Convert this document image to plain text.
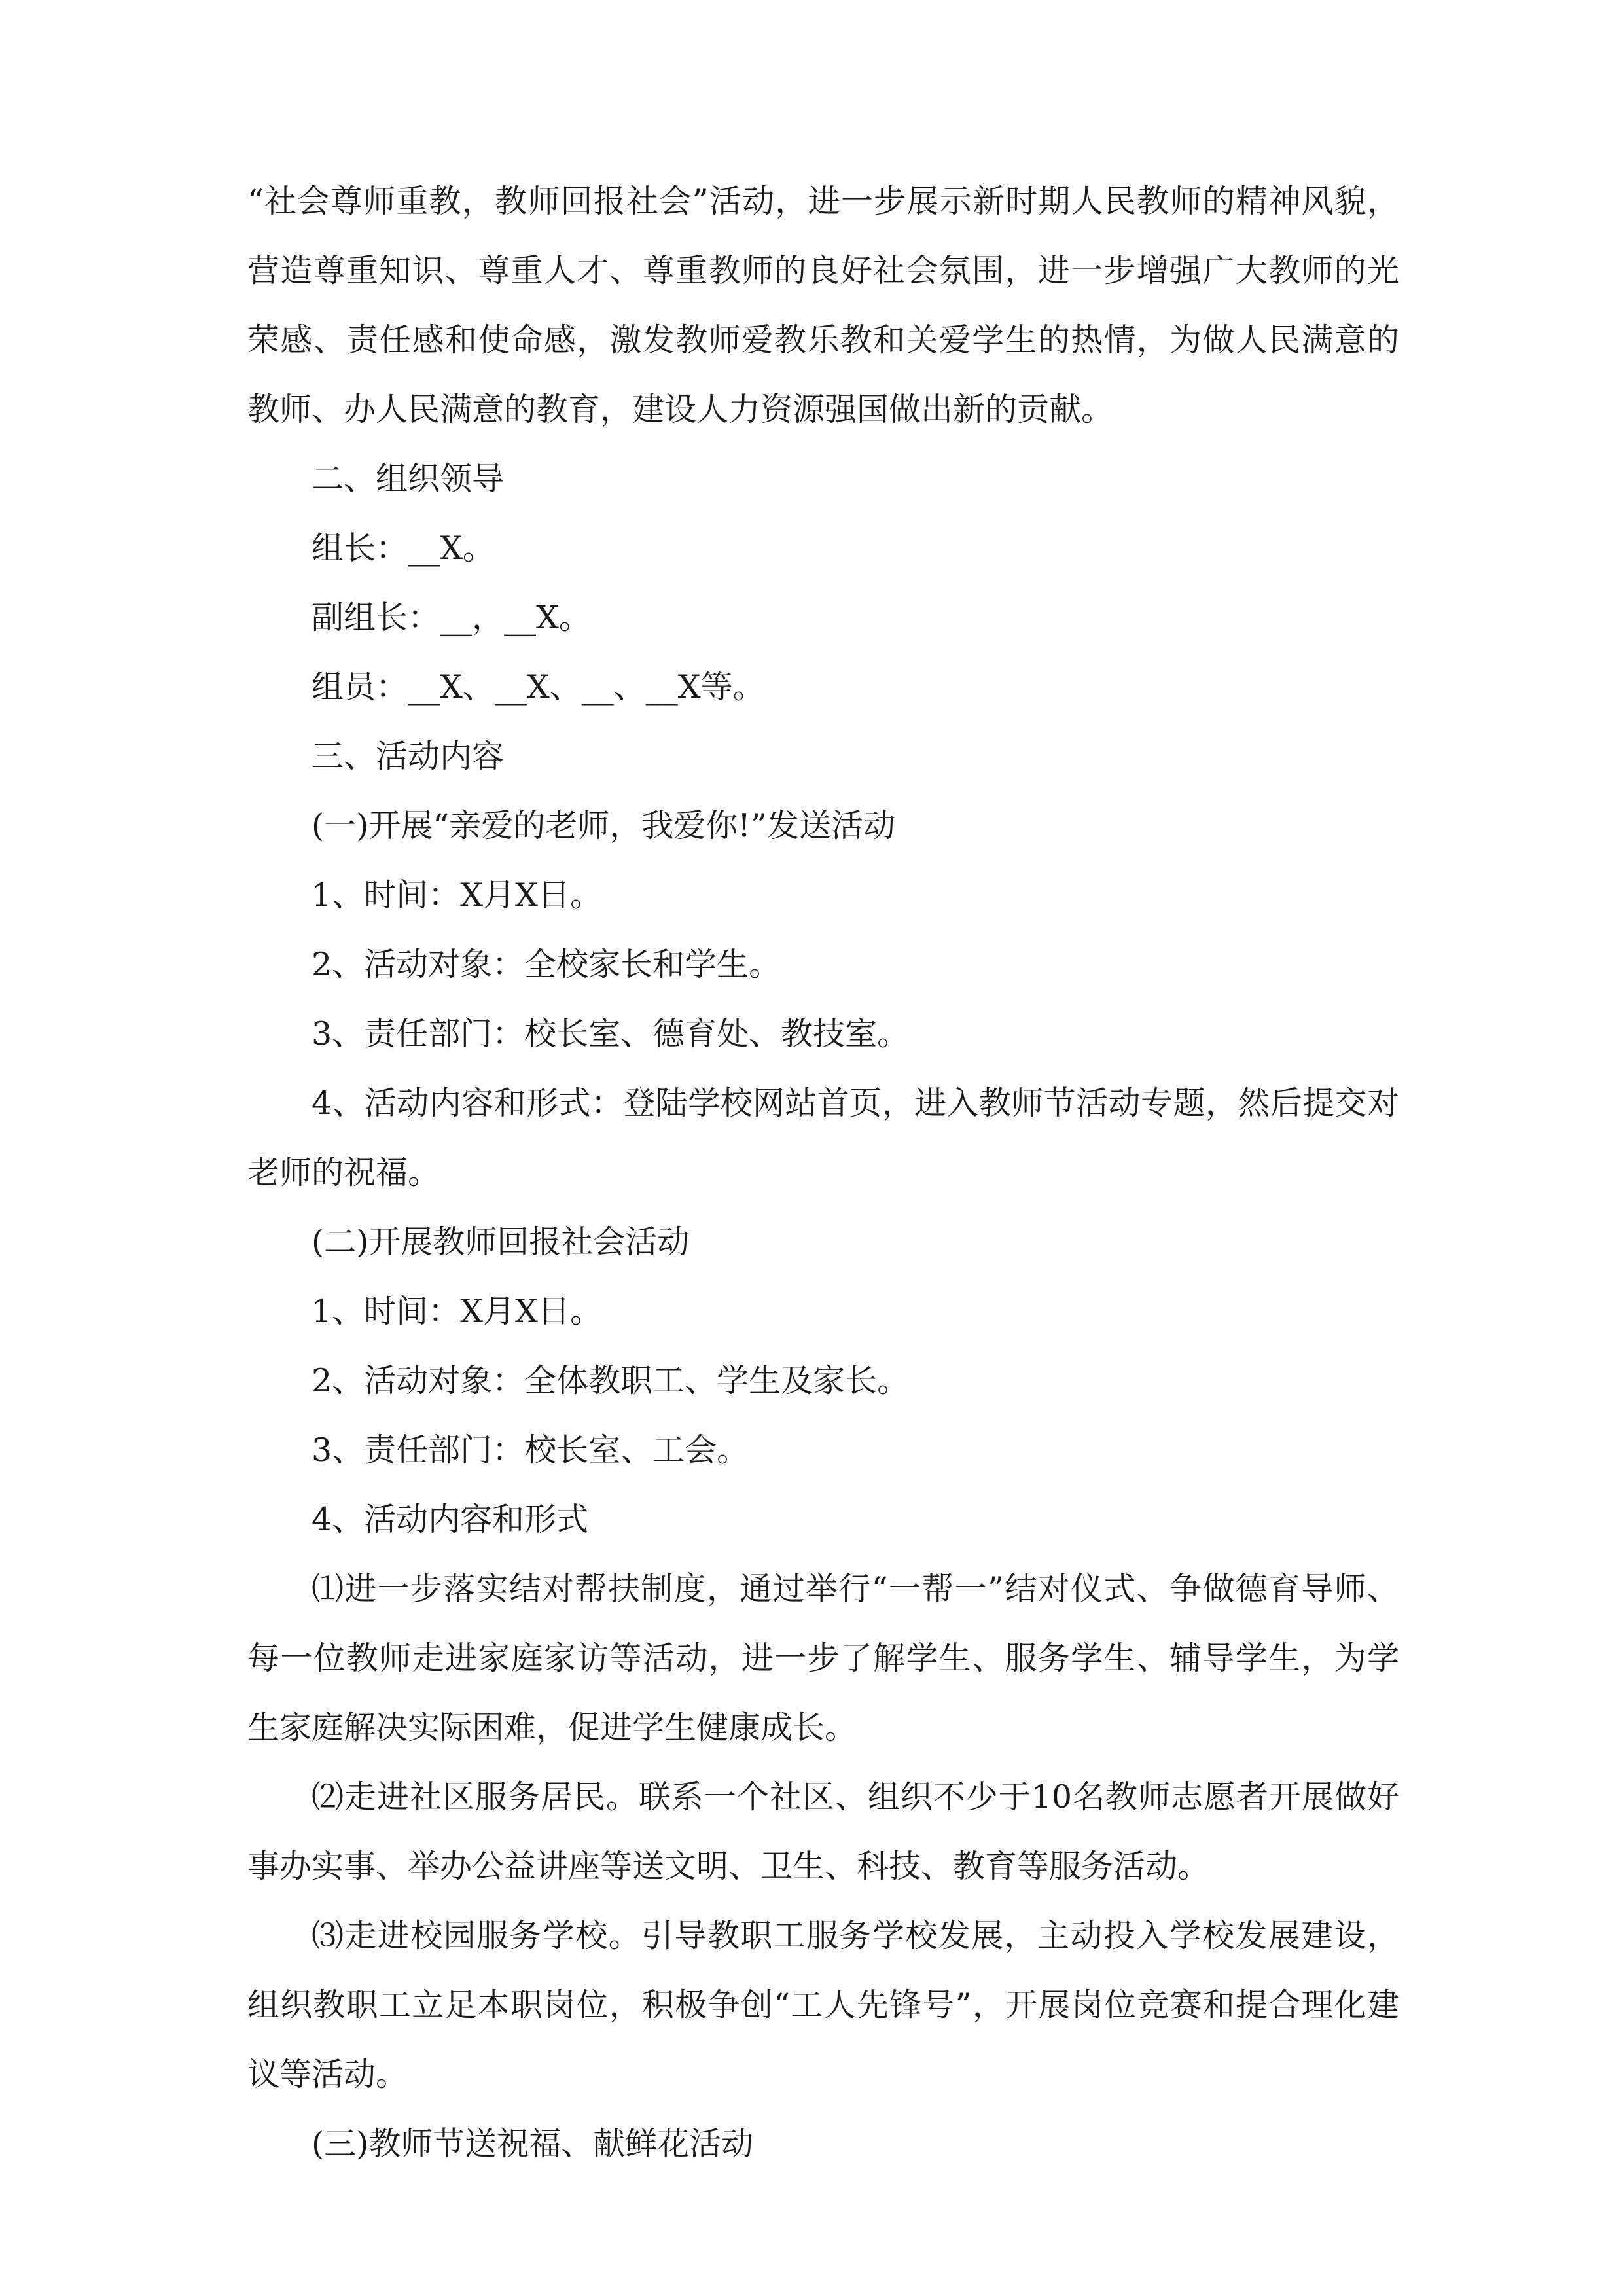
“社会尊师重教，教师回报社会”活动，进一步展示新时期人民教师的精神风貌，营造尊重知识、尊重人才、尊重教师的良好社会氛围，进一步增强广大教师的光荣感、责任感和使命感，激发教师爱教乐教和关爱学生的热情，为做人民满意的教师、办人民满意的教育，建设人力资源强国做出新的贡献。

二、组织领导

组长：__X。

副组长：__，__X。

组员：__X、__X、__、__X等。

三、活动内容

(一)开展“亲爱的老师，我爱你!”发送活动

1、时间：X月X日。

2、活动对象：全校家长和学生。

3、责任部门：校长室、德育处、教技室。

4、活动内容和形式：登陆学校网站首页，进入教师节活动专题，然后提交对老师的祝福。

(二)开展教师回报社会活动

1、时间：X月X日。

2、活动对象：全体教职工、学生及家长。

3、责任部门：校长室、工会。

4、活动内容和形式

⑴进一步落实结对帮扶制度，通过举行“一帮一”结对仪式、争做德育导师、每一位教师走进家庭家访等活动，进一步了解学生、服务学生、辅导学生，为学生家庭解决实际困难，促进学生健康成长。

⑵走进社区服务居民。联系一个社区、组织不少于10名教师志愿者开展做好事办实事、举办公益讲座等送文明、卫生、科技、教育等服务活动。

⑶走进校园服务学校。引导教职工服务学校发展，主动投入学校发展建设，组织教职工立足本职岗位，积极争创“工人先锋号”，开展岗位竞赛和提合理化建议等活动。

(三)教师节送祝福、献鲜花活动
